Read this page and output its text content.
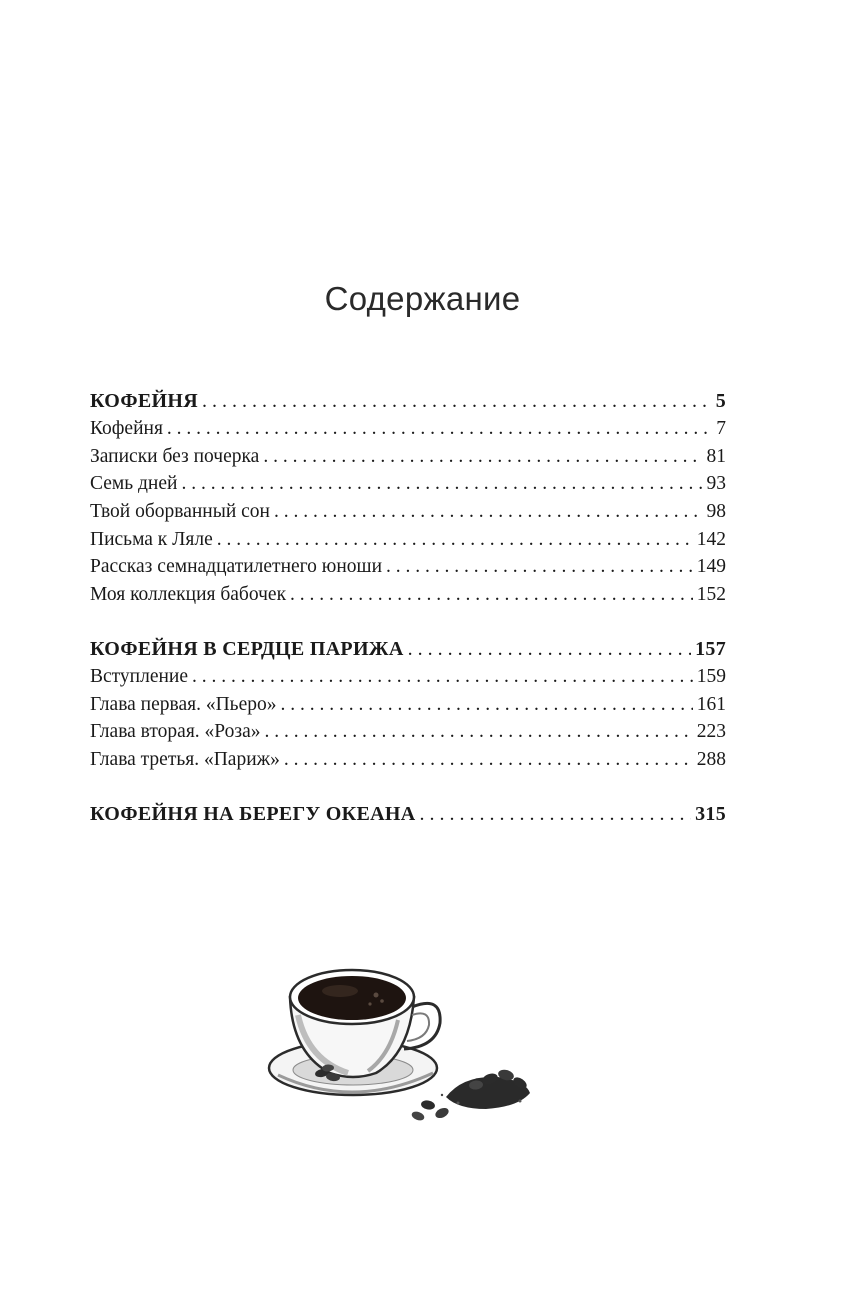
Содержание
КОФЕЙНЯ . . .	5
Кофейня . . .	7
Записки без почерка . . .	81
Семь дней . . .	93
Твой оборванный сон . . .	98
Письма к Ляле . . .	142
Рассказ семнадцатилетнего юноши . . .	149
Моя коллекция бабочек . . .	152
КОФЕЙНЯ В СЕРДЦЕ ПАРИЖА . . .	157
Вступление . . .	159
Глава первая. «Пьеро» . . .	161
Глава вторая. «Роза» . . .	223
Глава третья. «Париж» . . .	288
КОФЕЙНЯ НА БЕРЕГУ ОКЕАНА . . .	315
